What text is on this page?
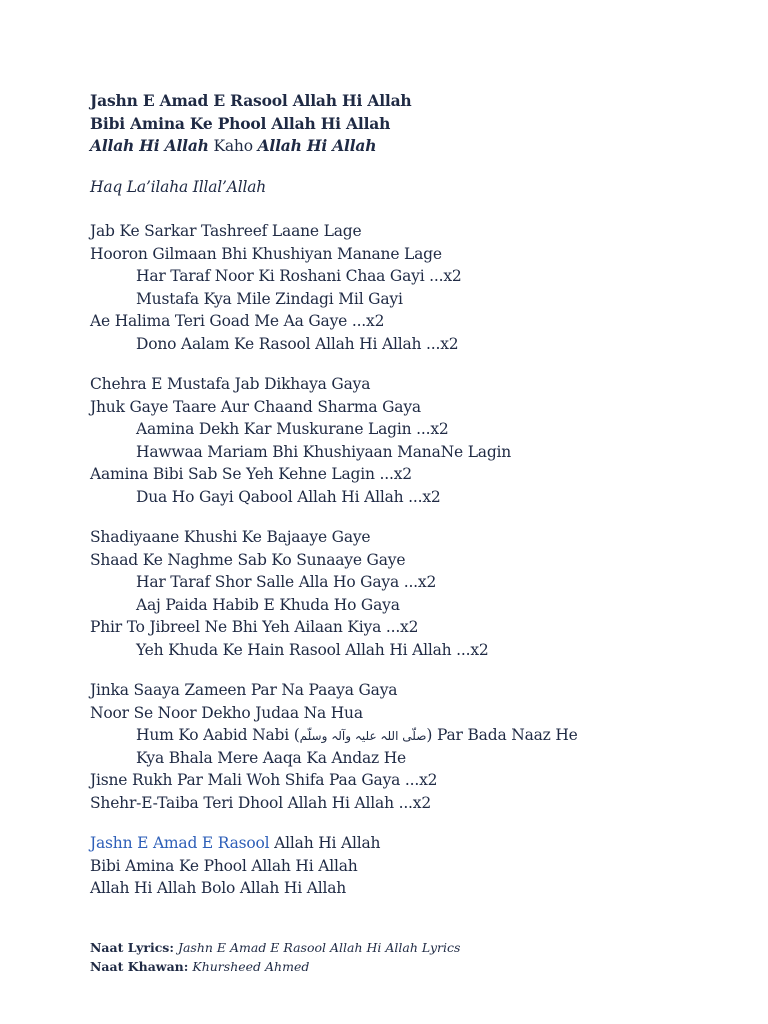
Jashn E Amad E Rasool Allah Hi Allah
Bibi Amina Ke Phool Allah Hi Allah
Allah Hi Allah Kaho Allah Hi Allah
Haq La’ilaha Illal’Allah
Jab Ke Sarkar Tashreef Laane Lage
Hooron Gilmaan Bhi Khushiyan Manane Lage
Har Taraf Noor Ki Roshani Chaa Gayi ...x2
Mustafa Kya Mile Zindagi Mil Gayi
Ae Halima Teri Goad Me Aa Gaye ...x2
Dono Aalam Ke Rasool Allah Hi Allah ...x2
Chehra E Mustafa Jab Dikhaya Gaya
Jhuk Gaye Taare Aur Chaand Sharma Gaya
Aamina Dekh Kar Muskurane Lagin ...x2
Hawwaa Mariam Bhi Khushiyaan ManaNe Lagin
Aamina Bibi Sab Se Yeh Kehne Lagin ...x2
Dua Ho Gayi Qabool Allah Hi Allah ...x2
Shadiyaane Khushi Ke Bajaaye Gaye
Shaad Ke Naghme Sab Ko Sunaaye Gaye
Har Taraf Shor Salle Alla Ho Gaya ...x2
Aaj Paida Habib E Khuda Ho Gaya
Phir To Jibreel Ne Bhi Yeh Ailaan Kiya ...x2
Yeh Khuda Ke Hain Rasool Allah Hi Allah ...x2
Jinka Saaya Zameen Par Na Paaya Gaya
Noor Se Noor Dekho Judaa Na Hua
Hum Ko Aabid Nabi (صلّی اللہ علیہ وآلہ وسلّم) Par Bada Naaz He
Kya Bhala Mere Aaqa Ka Andaz He
Jisne Rukh Par Mali Woh Shifa Paa Gaya ...x2
Shehr-E-Taiba Teri Dhool Allah Hi Allah ...x2
Jashn E Amad E Rasool Allah Hi Allah
Bibi Amina Ke Phool Allah Hi Allah
Allah Hi Allah Bolo Allah Hi Allah
Naat Lyrics: Jashn E Amad E Rasool Allah Hi Allah Lyrics
Naat Khawan: Khursheed Ahmed
